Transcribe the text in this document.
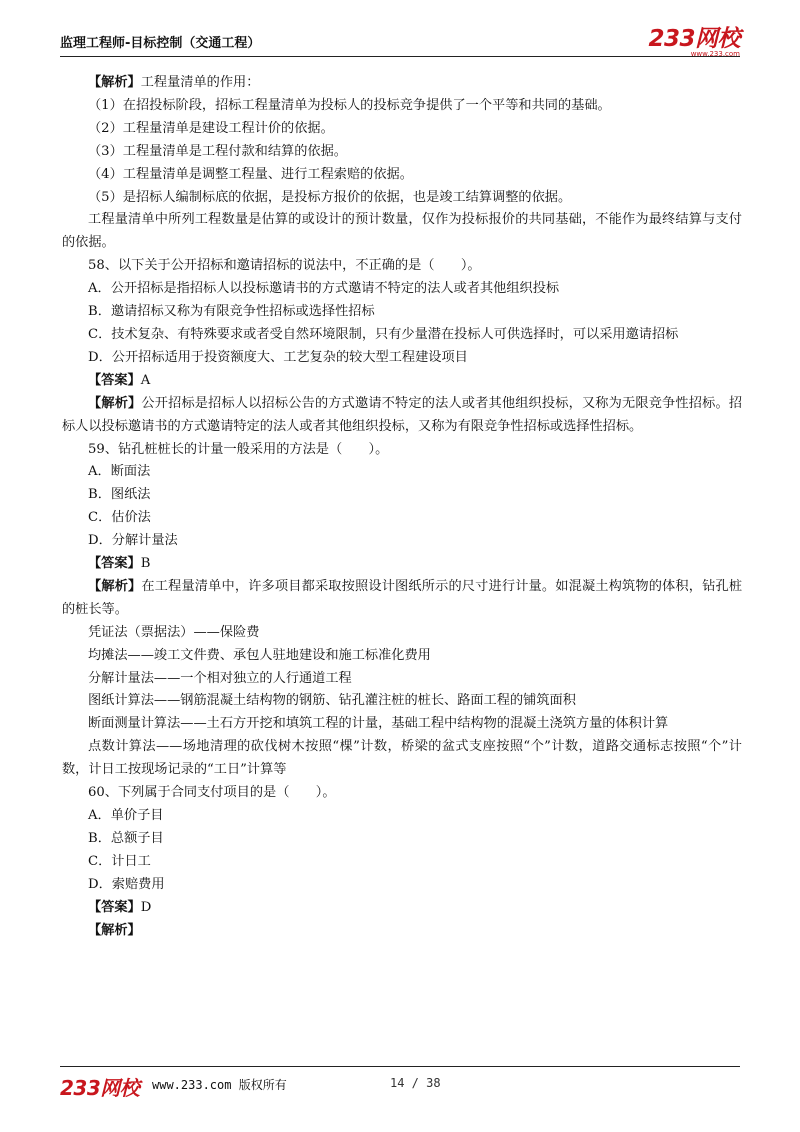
监理工程师-目标控制（交通工程）	233网校
www.233.com

【解析】工程量清单的作用：

（1）在招投标阶段，招标工程量清单为投标人的投标竞争提供了一个平等和共同的基础。

（2）工程量清单是建设工程计价的依据。

（3）工程量清单是工程付款和结算的依据。

（4）工程量清单是调整工程量、进行工程索赔的依据。

（5）是招标人编制标底的依据，是投标方报价的依据，也是竣工结算调整的依据。

工程量清单中所列工程数量是估算的或设计的预计数量，仅作为投标报价的共同基础，不能作为最终结算与支付的依据。

58、以下关于公开招标和邀请招标的说法中，不正确的是（　　）。

A．公开招标是指招标人以投标邀请书的方式邀请不特定的法人或者其他组织投标

B．邀请招标又称为有限竞争性招标或选择性招标

C．技术复杂、有特殊要求或者受自然环境限制，只有少量潜在投标人可供选择时，可以采用邀请招标

D．公开招标适用于投资额度大、工艺复杂的较大型工程建设项目

【答案】A

【解析】公开招标是招标人以招标公告的方式邀请不特定的法人或者其他组织投标，又称为无限竞争性招标。招标人以投标邀请书的方式邀请特定的法人或者其他组织投标，又称为有限竞争性招标或选择性招标。

59、钻孔桩桩长的计量一般采用的方法是（　　）。

A．断面法

B．图纸法

C．估价法

D．分解计量法

【答案】B

【解析】在工程量清单中，许多项目都采取按照设计图纸所示的尺寸进行计量。如混凝土构筑物的体积，钻孔桩的桩长等。

凭证法（票据法）——保险费

均摊法——竣工文件费、承包人驻地建设和施工标准化费用

分解计量法——一个相对独立的人行通道工程

图纸计算法——钢筋混凝土结构物的钢筋、钻孔灌注桩的桩长、路面工程的铺筑面积

断面测量计算法——土石方开挖和填筑工程的计量，基础工程中结构物的混凝土浇筑方量的体积计算

点数计算法——场地清理的砍伐树木按照“棵”计数，桥梁的盆式支座按照“个”计数，道路交通标志按照“个”计数，计日工按现场记录的“工日”计算等

60、下列属于合同支付项目的是（　　）。

A．单价子目

B．总额子目

C．计日工

D．索赔费用

【答案】D

【解析】

233网校 www.233.com 版权所有	14 / 38
